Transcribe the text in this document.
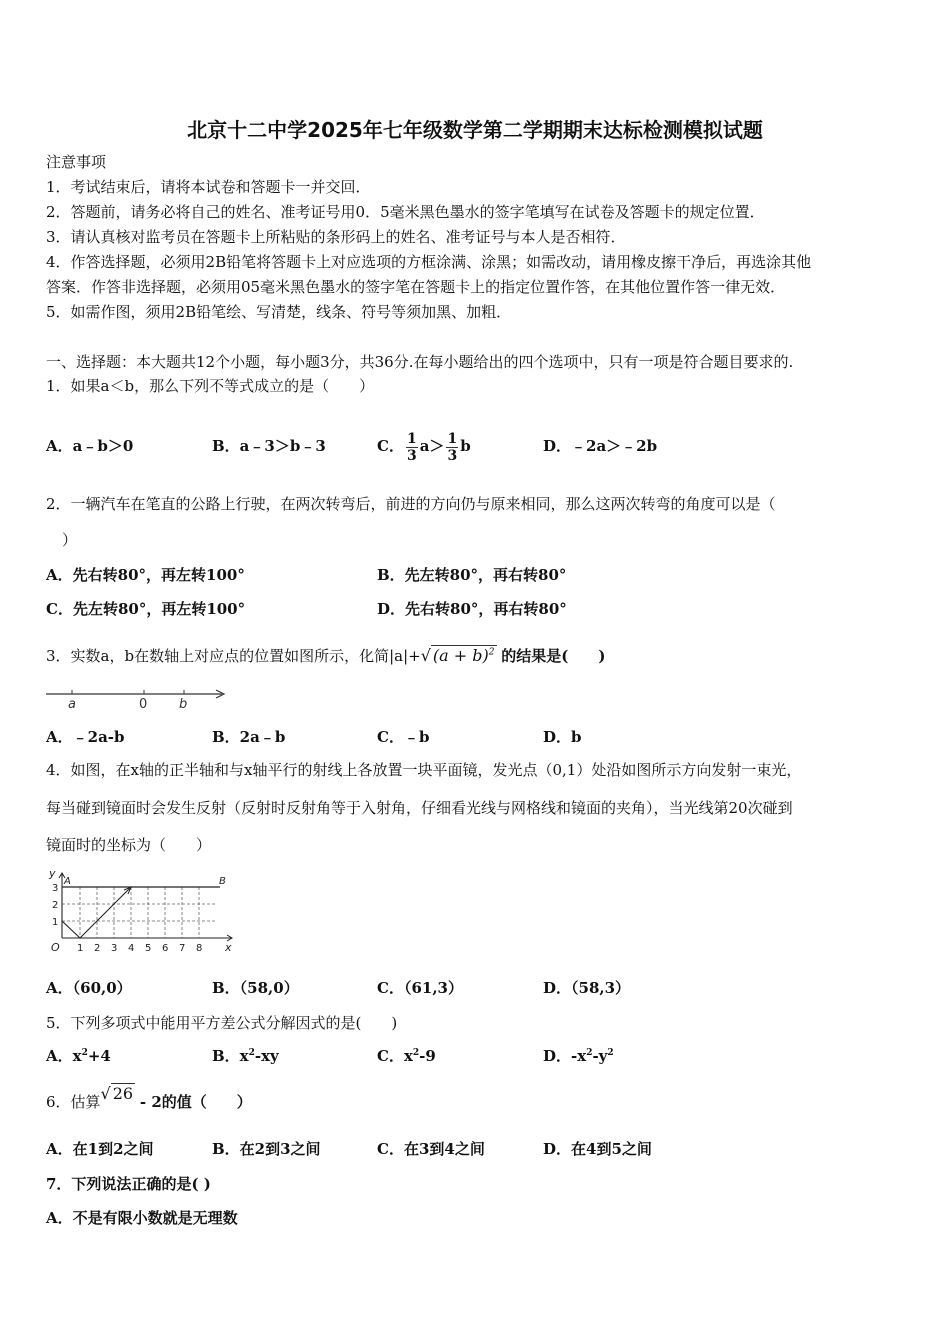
北京十二中学2025年七年级数学第二学期期末达标检测模拟试题
注意事项
1．考试结束后，请将本试卷和答题卡一并交回．
2．答题前，请务必将自己的姓名、准考证号用0．5毫米黑色墨水的签字笔填写在试卷及答题卡的规定位置．
3．请认真核对监考员在答题卡上所粘贴的条形码上的姓名、准考证号与本人是否相符．
4．作答选择题，必须用2B铅笔将答题卡上对应选项的方框涂满、涂黑；如需改动，请用橡皮擦干净后，再选涂其他
答案．作答非选择题，必须用05毫米黑色墨水的签字笔在答题卡上的指定位置作答，在其他位置作答一律无效．
5．如需作图，须用2B铅笔绘、写清楚，线条、符号等须加黑、加粗．
一、选择题：本大题共12个小题，每小题3分，共36分.在每小题给出的四个选项中，只有一项是符合题目要求的.
1．如果a＜b，那么下列不等式成立的是（　　）
A．a﹣b＞0	B．a﹣3＞b﹣3	C． $\frac{1}{3} a> \frac{1}{3}$ b	D．﹣2a＞﹣2b
2．一辆汽车在笔直的公路上行驶，在两次转弯后，前进的方向仍与原来相同，那么这两次转弯的角度可以是（
）
A．先右转80°，再左转100°	B．先左转80°，再右转80°
C．先左转80°，再左转100°	D．先右转80°，再右转80°
3．实数a，b在数轴上对应点的位置如图所示，化简|a|+√ $(a + b)^2$ 的结果是(　　)
a	0 b
A．﹣2a-b	B．2a﹣b	C．﹣b	D．b
4．如图，在x轴的正半轴和与x轴平行的射线上各放置一块平面镜，发光点（0,1）处沿如图所示方向发射一束光，
每当碰到镜面时会发生反射（反射时反射角等于入射角，仔细看光线与网格线和镜面的夹角），当光线第20次碰到
镜面时的坐标为（　　）
y
x
O
A	B
1
2
3
1 2 3 4 5 6 7 8
A．（60,0）	B．（58,0）	C．（61,3）	D．（58,3）
5．下列多项式中能用平方差公式分解因式的是(　　)
A．$x^2+4$	B．$x^2-xy$	C．$x^2-9$	D．$-x^2-y^2$
6．估算√ 26 - 2的值（　　）
A．在1到2之间	B．在2到3之间	C．在3到4之间	D．在4到5之间
7．下列说法正确的是( )
A．不是有限小数就是无理数
